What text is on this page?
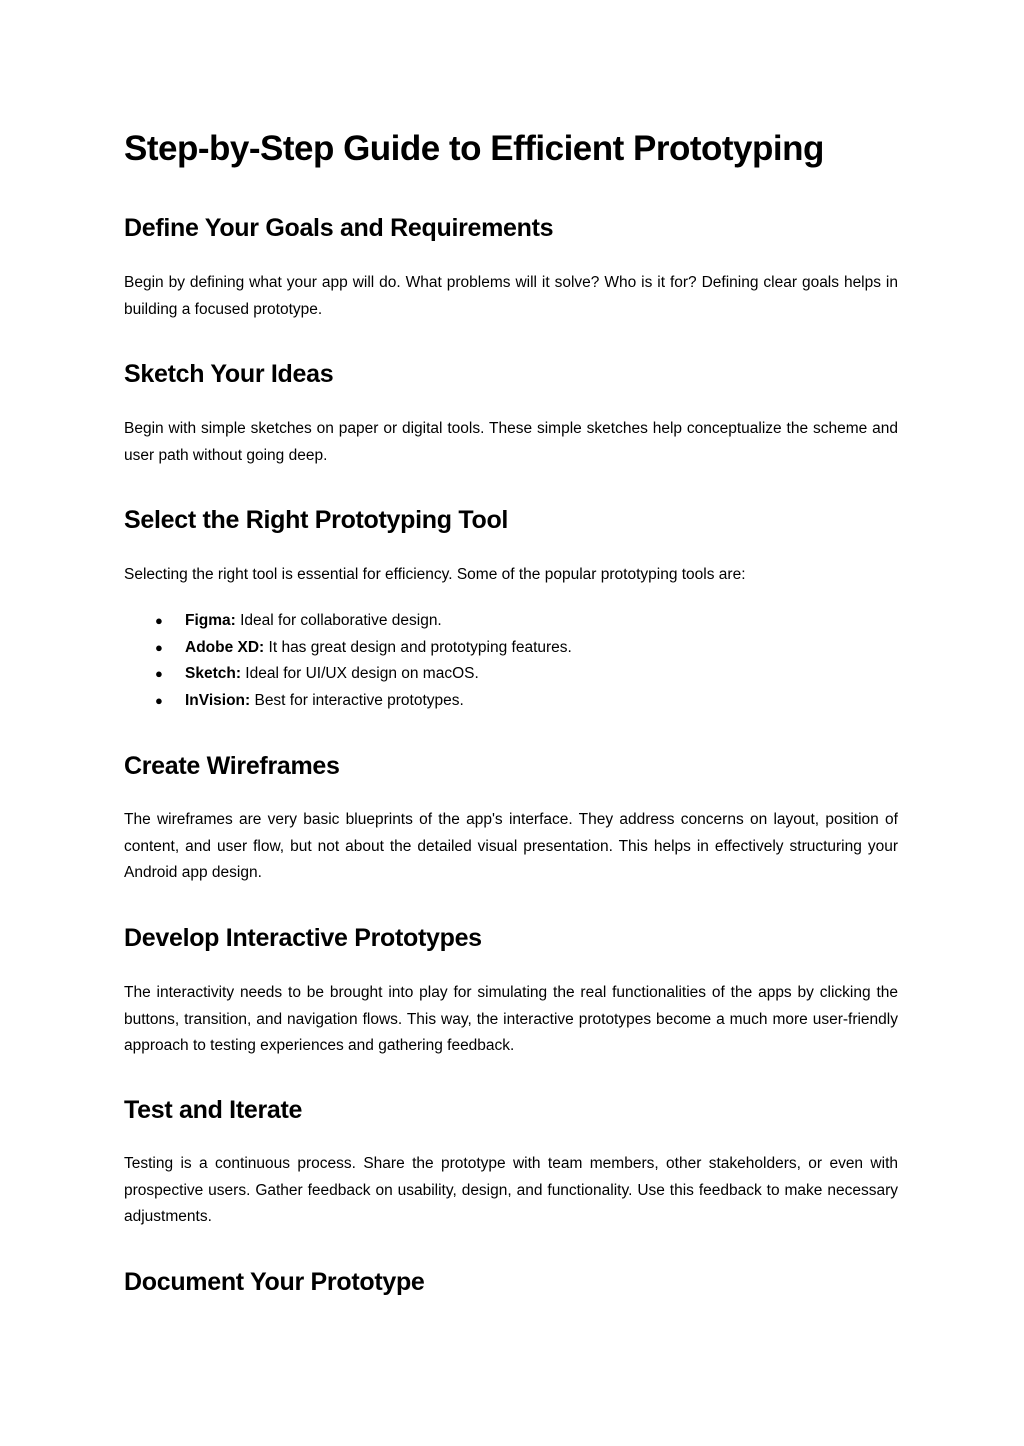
Step-by-Step Guide to Efficient Prototyping
Define Your Goals and Requirements

Begin by defining what your app will do. What problems will it solve? Who is it for? Defining clear goals helps in building a focused prototype.

Sketch Your Ideas

Begin with simple sketches on paper or digital tools. These simple sketches help conceptualize the scheme and user path without going deep.

Select the Right Prototyping Tool

Selecting the right tool is essential for efficiency. Some of the popular prototyping tools are:

● Figma: Ideal for collaborative design.
● Adobe XD: It has great design and prototyping features.
● Sketch: Ideal for UI/UX design on macOS.
● InVision: Best for interactive prototypes.
Create Wireframes

The wireframes are very basic blueprints of the app's interface. They address concerns on layout, position of content, and user flow, but not about the detailed visual presentation. This helps in effectively structuring your Android app design.

Develop Interactive Prototypes

The interactivity needs to be brought into play for simulating the real functionalities of the apps by clicking the buttons, transition, and navigation flows. This way, the interactive prototypes become a much more user-friendly approach to testing experiences and gathering feedback.

Test and Iterate

Testing is a continuous process. Share the prototype with team members, other stakeholders, or even with prospective users. Gather feedback on usability, design, and functionality. Use this feedback to make necessary adjustments.

Document Your Prototype
